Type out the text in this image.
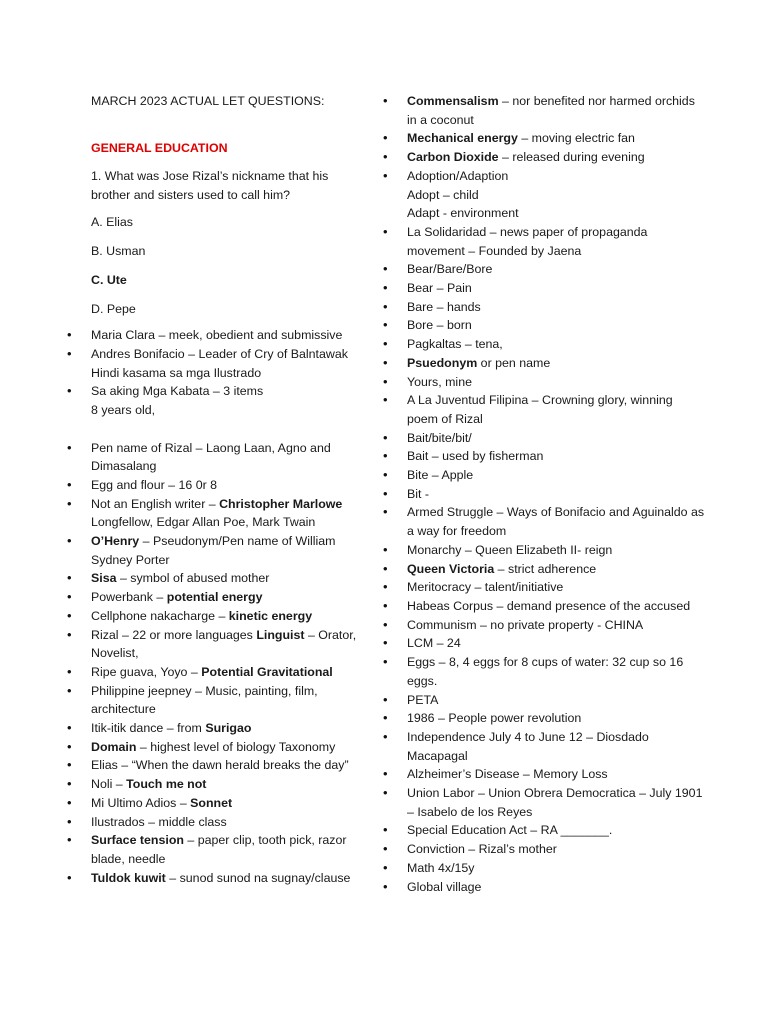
MARCH 2023 ACTUAL LET QUESTIONS:

GENERAL EDUCATION

1. What was Jose Rizal’s nickname that his brother and sisters used to call him?

A. Elias

B. Usman

C. Ute

D. Pepe

• Maria Clara – meek, obedient and submissive
• Andres Bonifacio – Leader of Cry of Balntawak
Hindi kasama sa mga Ilustrado
• Sa aking Mga Kabata – 3 items
8 years old,
• Pen name of Rizal – Laong Laan, Agno and Dimasalang
• Egg and flour – 16 0r 8
• Not an English writer – Christopher Marlowe Longfellow, Edgar Allan Poe, Mark Twain
• O’Henry – Pseudonym/Pen name of William Sydney Porter
• Sisa – symbol of abused mother
• Powerbank – potential energy
• Cellphone nakacharge – kinetic energy
• Rizal – 22 or more languages Linguist – Orator, Novelist,
• Ripe guava, Yoyo – Potential Gravitational
• Philippine jeepney – Music, painting, film, architecture
• Itik-itik dance – from Surigao
• Domain – highest level of biology Taxonomy
• Elias – “When the dawn herald breaks the day”
• Noli – Touch me not
• Mi Ultimo Adios – Sonnet
• Ilustrados – middle class
• Surface tension – paper clip, tooth pick, razor blade, needle
• Tuldok kuwit – sunod sunod na sugnay/clause
• Commensalism – nor benefited nor harmed orchids in a coconut
• Mechanical energy – moving electric fan
• Carbon Dioxide – released during evening
• Adoption/Adaption
Adopt – child
Adapt - environment
• La Solidaridad – news paper of propaganda movement – Founded by Jaena
• Bear/Bare/Bore
• Bear – Pain
• Bare – hands
• Bore – born
• Pagkaltas – tena,
• Psuedonym or pen name
• Yours, mine
• A La Juventud Filipina – Crowning glory, winning poem of Rizal
• Bait/bite/bit/
• Bait – used by fisherman
• Bite – Apple
• Bit -
• Armed Struggle – Ways of Bonifacio and Aguinaldo as a way for freedom
• Monarchy – Queen Elizabeth II- reign
• Queen Victoria – strict adherence
• Meritocracy – talent/initiative
• Habeas Corpus – demand presence of the accused
• Communism – no private property - CHINA
• LCM – 24
• Eggs – 8, 4 eggs for 8 cups of water: 32 cup so 16 eggs.
• PETA
• 1986 – People power revolution
• Independence July 4 to June 12 – Diosdado Macapagal
• Alzheimer’s Disease – Memory Loss
• Union Labor – Union Obrera Democratica – July 1901 – Isabelo de los Reyes
• Special Education Act – RA _______.
• Conviction – Rizal’s mother
• Math 4x/15y
• Global village
